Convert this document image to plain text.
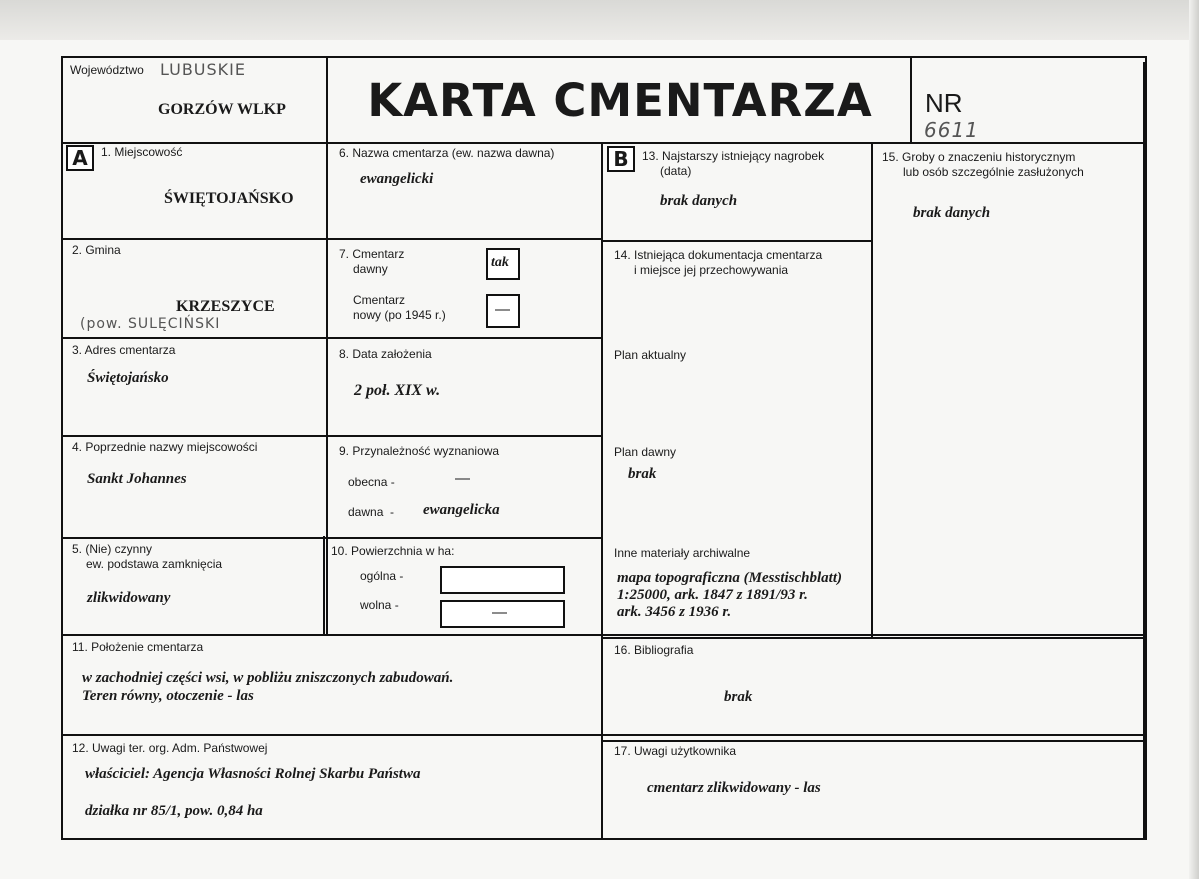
Województwo LUBUSKIE
GORZÓW WLKP	KARTA CMENTARZA	NR
6611
A	B
1. Miejscowość
ŚWIĘTOJAŃSKO
2. Gmina
KRZESZYCE
(pow. SULĘCIŃSKI
3. Adres cmentarza
Świętojańsko
4. Poprzednie nazwy miejscowości
Sankt Johannes
5. (Nie) czynny
ew. podstawa zamknięcia
zlikwidowany
6. Nazwa cmentarza (ew. nazwa dawna)
ewangelicki
7. Cmentarz
dawny	tak
Cmentarz
nowy (po 1945 r.)	—
8. Data założenia
2 poł. XIX w.
9. Przynależność wyznaniowa
obecna -	—
dawna  - ewangelicka
10. Powierzchnia w ha:
ogólna -
wolna -	—
11. Położenie cmentarza
w zachodniej części wsi, w pobliżu zniszczonych zabudowań.
Teren równy, otoczenie - las
12. Uwagi ter. org. Adm. Państwowej
właściciel: Agencja Własności Rolnej Skarbu Państwa
działka nr 85/1, pow. 0,84 ha
13. Najstarszy istniejący nagrobek
(data)
brak danych
14. Istniejąca dokumentacja cmentarza
i miejsce jej przechowywania
Plan aktualny
Plan dawny
brak
Inne materiały archiwalne
mapa topograficzna (Messtischblatt)
1:25000, ark. 1847 z 1891/93 r.
ark. 3456 z 1936 r.
15. Groby o znaczeniu historycznym
lub osób szczególnie zasłużonych
brak danych
16. Bibliografia
brak
17. Uwagi użytkownika
cmentarz zlikwidowany - las
